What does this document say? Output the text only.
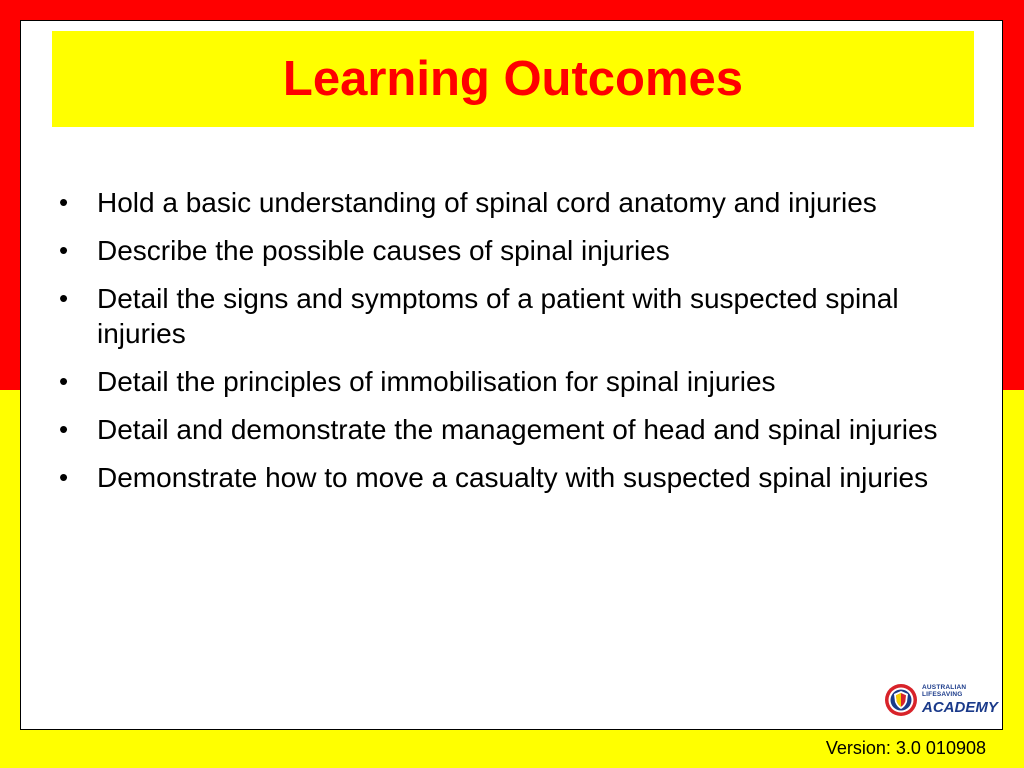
Learning Outcomes
•	Hold a basic understanding of spinal cord anatomy and injuries
•	Describe the possible causes of spinal injuries
•	Detail the signs and symptoms of a patient with suspected spinal injuries
•	Detail the principles of immobilisation for spinal injuries
•	Detail and demonstrate the management of head and spinal injuries
•	Demonstrate how to move a casualty with suspected spinal injuries
AUSTRALIAN LIFESAVING
ACADEMY
Version: 3.0 010908
